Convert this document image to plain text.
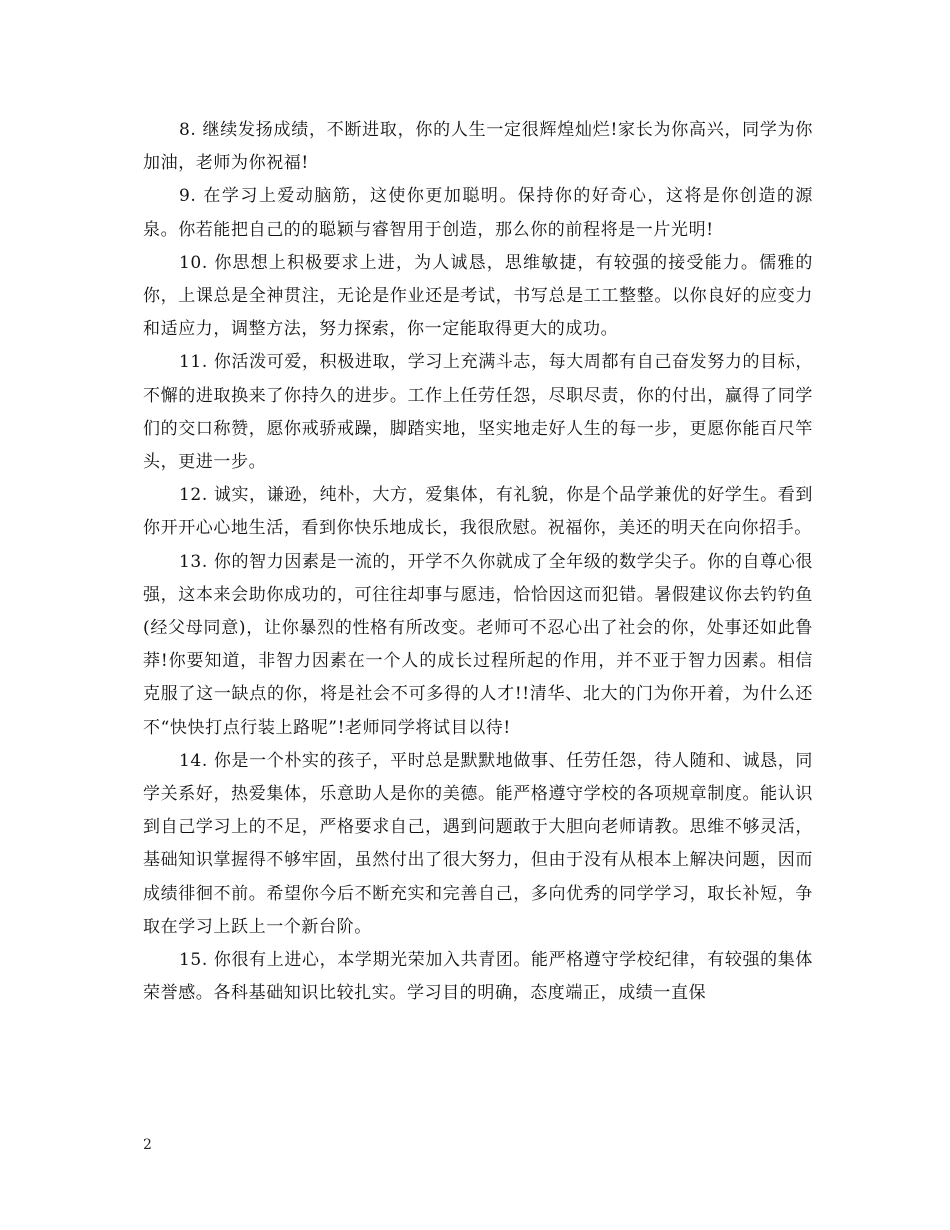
8. 继续发扬成绩，不断进取，你的人生一定很辉煌灿烂!家长为你高兴，同学为你加油，老师为你祝福!

9. 在学习上爱动脑筋，这使你更加聪明。保持你的好奇心，这将是你创造的源泉。你若能把自己的的聪颖与睿智用于创造，那么你的前程将是一片光明!

10. 你思想上积极要求上进，为人诚恳，思维敏捷，有较强的接受能力。儒雅的你，上课总是全神贯注，无论是作业还是考试，书写总是工工整整。以你良好的应变力和适应力，调整方法，努力探索，你一定能取得更大的成功。

11. 你活泼可爱，积极进取，学习上充满斗志，每大周都有自己奋发努力的目标，不懈的进取换来了你持久的进步。工作上任劳任怨，尽职尽责，你的付出，赢得了同学们的交口称赞，愿你戒骄戒躁，脚踏实地，坚实地走好人生的每一步，更愿你能百尺竿头，更进一步。

12. 诚实，谦逊，纯朴，大方，爱集体，有礼貌，你是个品学兼优的好学生。看到你开开心心地生活，看到你快乐地成长，我很欣慰。祝福你，美还的明天在向你招手。

13. 你的智力因素是一流的，开学不久你就成了全年级的数学尖子。你的自尊心很强，这本来会助你成功的，可往往却事与愿违，恰恰因这而犯错。暑假建议你去钓钓鱼(经父母同意)，让你暴烈的性格有所改变。老师可不忍心出了社会的你，处事还如此鲁莽!你要知道，非智力因素在一个人的成长过程所起的作用，并不亚于智力因素。相信克服了这一缺点的你，将是社会不可多得的人才!!清华、北大的门为你开着，为什么还不“快快打点行装上路呢”!老师同学将试目以待!

14. 你是一个朴实的孩子，平时总是默默地做事、任劳任怨，待人随和、诚恳，同学关系好，热爱集体，乐意助人是你的美德。能严格遵守学校的各项规章制度。能认识到自己学习上的不足，严格要求自己，遇到问题敢于大胆向老师请教。思维不够灵活，基础知识掌握得不够牢固，虽然付出了很大努力，但由于没有从根本上解决问题，因而成绩徘徊不前。希望你今后不断充实和完善自己，多向优秀的同学学习，取长补短，争取在学习上跃上一个新台阶。

15. 你很有上进心，本学期光荣加入共青团。能严格遵守学校纪律，有较强的集体荣誉感。各科基础知识比较扎实。学习目的明确，态度端正，成绩一直保

2
